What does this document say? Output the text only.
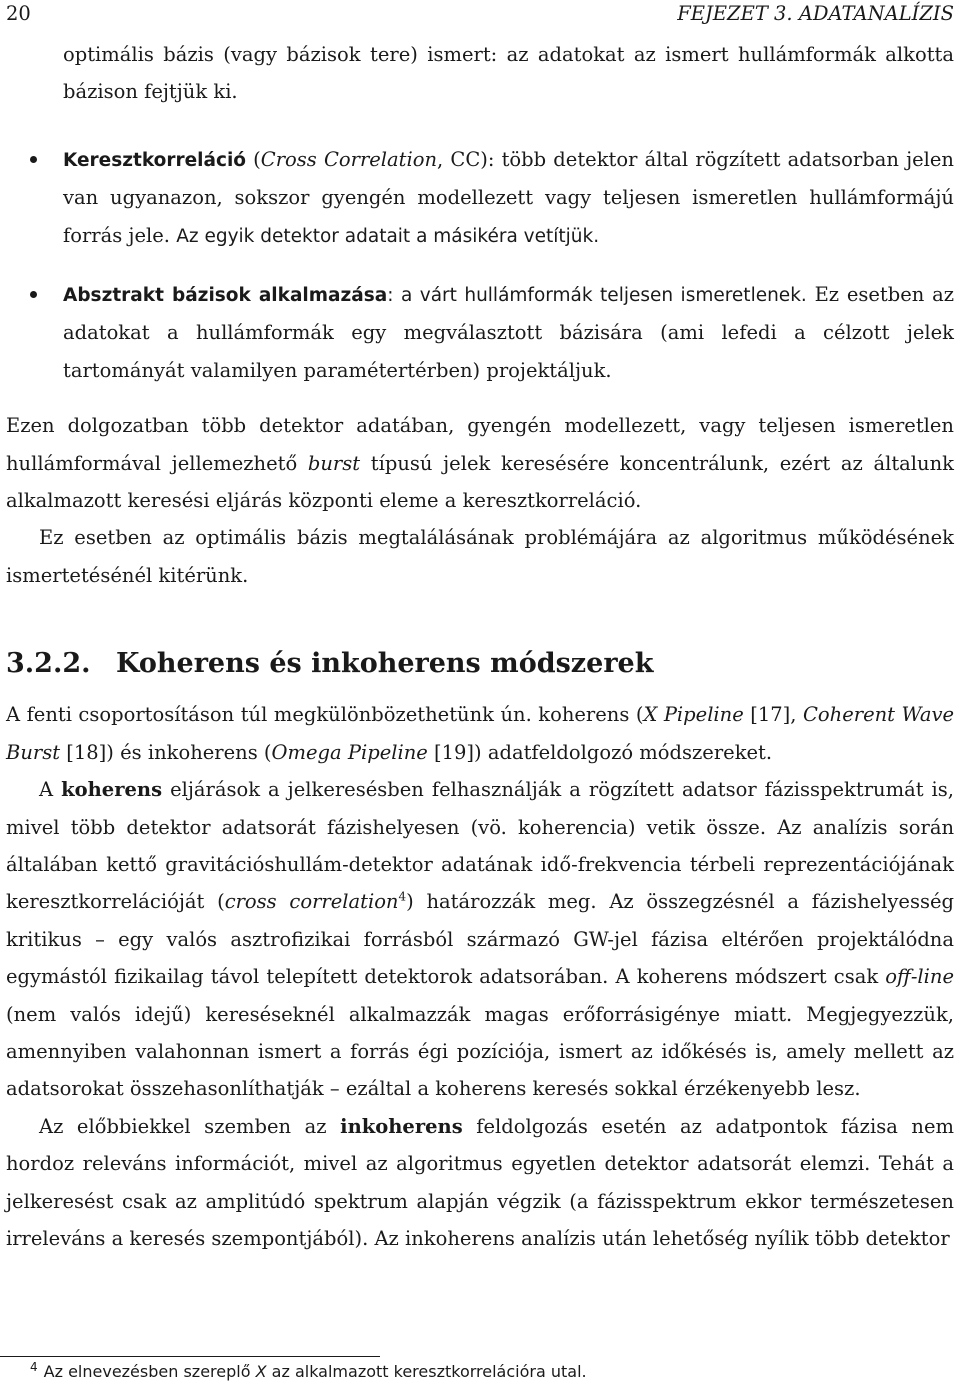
20	FEJEZET 3. ADATANALÍZIS

optimális bázis (vagy bázisok tere) ismert: az adatokat az ismert hullámformák alkotta bázison fejtjük ki.

Keresztkorreláció (Cross Correlation, CC): több detektor által rögzített adatsorban jelen van ugyanazon, sokszor gyengén modellezett vagy teljesen ismeretlen hullámformájú forrás jele. Az egyik detektor adatait a másikéra vetítjük.

Absztrakt bázisok alkalmazása: a várt hullámformák teljesen ismeretlenek. Ez esetben az adatokat a hullámformák egy megválasztott bázisára (ami lefedi a célzott jelek tartományát valamilyen paramétertérben) projektáljuk.

Ezen dolgozatban több detektor adatában, gyengén modellezett, vagy teljesen ismeretlen hullámformával jellemezhető burst típusú jelek keresésére koncentrálunk, ezért az általunk alkalmazott keresési eljárás központi eleme a keresztkorreláció.

Ez esetben az optimális bázis megtalálásának problémájára az algoritmus működésének ismertetésénél kitérünk.

3.2.2. Koherens és inkoherens módszerek

A fenti csoportosításon túl megkülönbözethetünk ún. koherens (X Pipeline [17], Coherent Wave Burst [18]) és inkoherens (Omega Pipeline [19]) adatfeldolgozó módszereket.

A koherens eljárások a jelkeresésben felhasználják a rögzített adatsor fázisspektrumát is, mivel több detektor adatsorát fázishelyesen (vö. koherencia) vetik össze. Az analízis során általában kettő gravitációshullám-detektor adatának idő-frekvencia térbeli reprezentációjának keresztkorrelációját (cross correlation$^4$) határozzák meg. Az összegzésnél a fázishelyesség kritikus – egy valós asztrofizikai forrásból származó GW-jel fázisa eltérően projektálódna egymástól fizikailag távol telepített detektorok adatsorában. A koherens módszert csak off-line (nem valós idejű) kereséseknél alkalmazzák magas erőforrásigénye miatt. Megjegyezzük, amennyiben valahonnan ismert a forrás égi pozíciója, ismert az időkésés is, amely mellett az adatsorokat összehasonlíthatják – ezáltal a koherens keresés sokkal érzékenyebb lesz.

Az előbbiekkel szemben az inkoherens feldolgozás esetén az adatpontok fázisa nem hordoz releváns információt, mivel az algoritmus egyetlen detektor adatsorát elemzi. Tehát a jelkeresést csak az amplitúdó spektrum alapján végzik (a fázisspektrum ekkor természetesen irreleváns a keresés szempontjából). Az inkoherens analízis után lehetőség nyílik több detektor

$^4$ Az elnevezésben szereplő X az alkalmazott keresztkorrelációra utal.
